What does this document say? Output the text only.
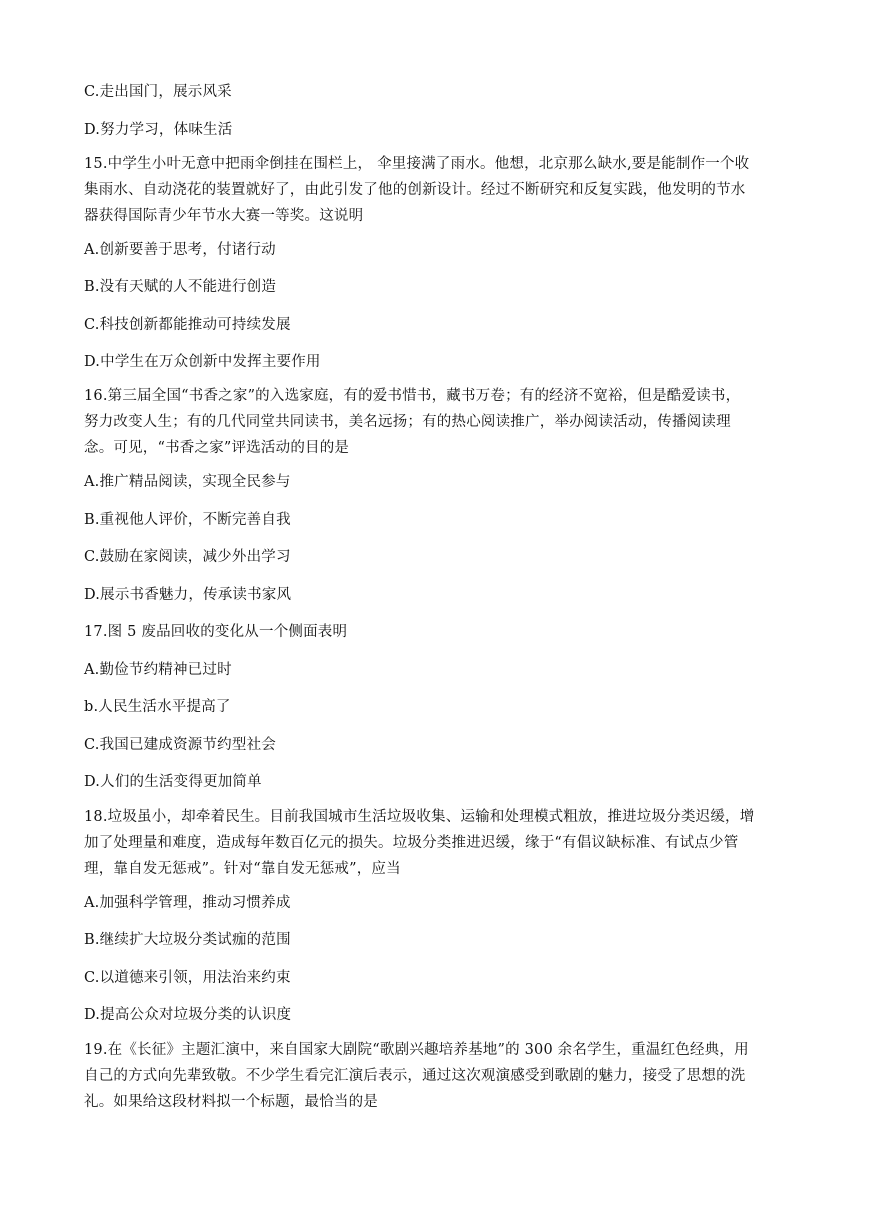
C.走出国门，展示风采
D.努力学习，体味生活
15.中学生小叶无意中把雨伞倒挂在围栏上， 伞里接满了雨水。他想，北京那么缺水,要是能制作一个收
集雨水、自动浇花的装置就好了，由此引发了他的创新设计。经过不断研究和反复实践，他发明的节水
器获得国际青少年节水大赛一等奖。这说明
A.创新要善于思考，付诸行动
B.没有天赋的人不能进行创造
C.科技创新都能推动可持续发展
D.中学生在万众创新中发挥主要作用
16.第三届全国“书香之家”的入选家庭，有的爱书惜书，藏书万卷；有的经济不宽裕，但是酷爱读书，
努力改变人生；有的几代同堂共同读书，美名远扬；有的热心阅读推广，举办阅读活动，传播阅读理
念。可见，“书香之家”评选活动的目的是
A.推广精品阅读，实现全民参与
B.重视他人评价，不断完善自我
C.鼓励在家阅读，减少外出学习
D.展示书香魅力，传承读书家风
17.图 5 废品回收的变化从一个侧面表明
A.勤俭节约精神已过时
b.人民生活水平提高了
C.我国已建成资源节约型社会
D.人们的生活变得更加简单
18.垃圾虽小，却牵着民生。目前我国城市生活垃圾收集、运输和处理模式粗放，推进垃圾分类迟缓，增
加了处理量和难度，造成每年数百亿元的损失。垃圾分类推进迟缓，缘于“有倡议缺标准、有试点少管
理，靠自发无惩戒”。针对“靠自发无惩戒”，应当
A.加强科学管理，推动习惯养成
B.继续扩大垃圾分类试痂的范围
C.以道德来引领，用法治来约束
D.提高公众对垃圾分类的认识度
19.在《长征》主题汇演中，来自国家大剧院“歌剧兴趣培养基地”的 300 余名学生，重温红色经典，用
自己的方式向先辈致敬。不少学生看完汇演后表示，通过这次观演感受到歌剧的魅力，接受了思想的洗
礼。如果给这段材料拟一个标题，最恰当的是
